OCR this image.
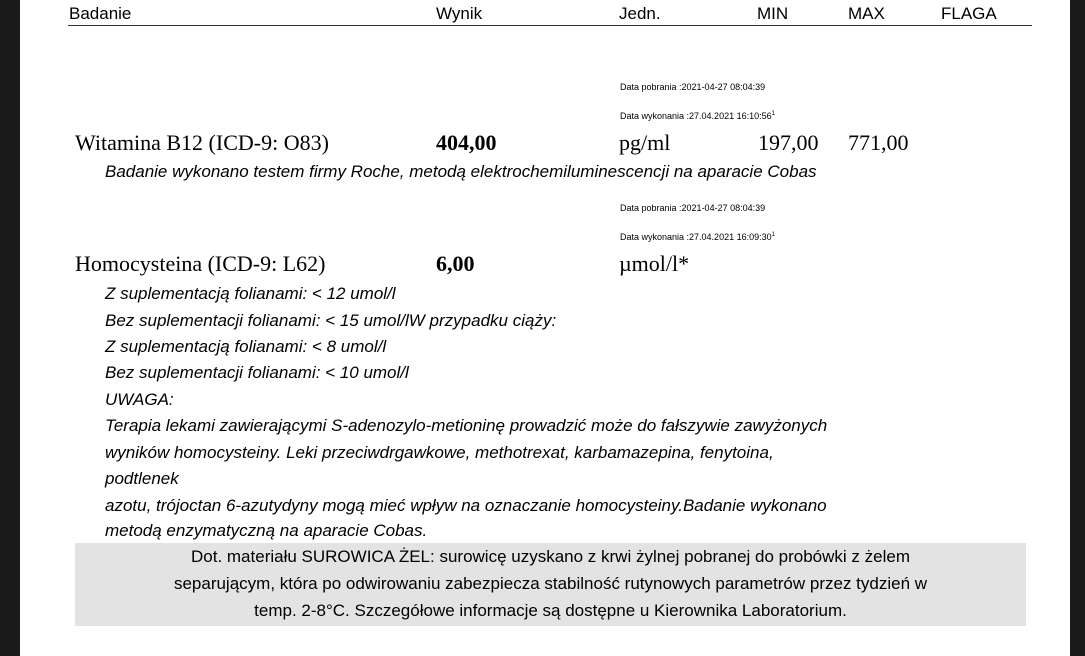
Badanie	Wynik	Jedn.	MIN	MAX	FLAGA
Data pobrania :2021-04-27 08:04:39
Data wykonania :27.04.2021 $16:10:56^1$
Witamina B12 (ICD-9: O83)	404,00	pg/ml	197,00 771,00
Badanie wykonano testem firmy Roche, metodą elektrochemiluminescencji na aparacie Cobas
Data pobrania :2021-04-27 08:04:39
Data wykonania :27.04.2021 $16:09:30^1$
Homocysteina (ICD-9: L62)	6,00	µmol/l*
Z suplementacją folianami: < 12 umol/l
Bez suplementacji folianami: < 15 umol/lW przypadku ciąży:
Z suplementacją folianami: < 8 umol/l
Bez suplementacji folianami: < 10 umol/l
UWAGA:
Terapia lekami zawierającymi S-adenozylo-metioninę prowadzić może do fałszywie zawyżonych
wyników homocysteiny. Leki przeciwdrgawkowe, methotrexat, karbamazepina, fenytoina,
podtlenek
azotu, trójoctan 6-azutydyny mogą mieć wpływ na oznaczanie homocysteiny.Badanie wykonano
metodą enzymatyczną na aparacie Cobas.
Dot. materiału SUROWICA ŻEL: surowicę uzyskano z krwi żylnej pobranej do probówki z żelem
separującym, która po odwirowaniu zabezpiecza stabilność rutynowych parametrów przez tydzień w
temp. 2-8°C. Szczegółowe informacje są dostępne u Kierownika Laboratorium.
